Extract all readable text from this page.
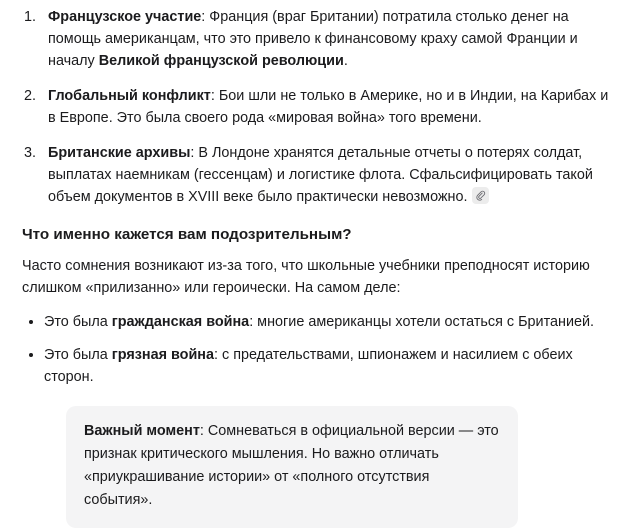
1. Французское участие: Франция (враг Британии) потратила столько денег на помощь американцам, что это привело к финансовому краху самой Франции и началу Великой французской революции.
2. Глобальный конфликт: Бои шли не только в Америке, но и в Индии, на Карибах и в Европе. Это была своего рода «мировая война» того времени.
3. Британские архивы: В Лондоне хранятся детальные отчеты о потерях солдат, выплатах наемникам (гессенцам) и логистике флота. Сфальсифицировать такой объем документов в XVIII веке было практически невозможно.
Что именно кажется вам подозрительным?

Часто сомнения возникают из-за того, что школьные учебники преподносят историю слишком «прилизанно» или героически. На самом деле:

Это была гражданская война: многие американцы хотели остаться с Британией.
Это была грязная война: с предательствами, шпионажем и насилием с обеих сторон.
Важный момент: Сомневаться в официальной версии — это признак критического мышления. Но важно отличать «приукрашивание истории» от «полного отсутствия события».
